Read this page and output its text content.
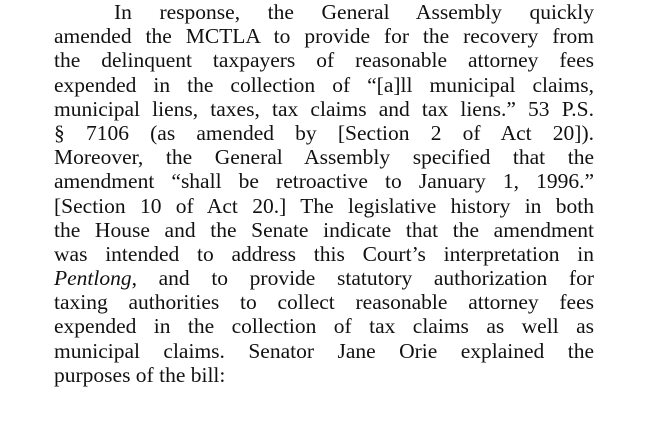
In response, the General Assembly quickly
amended the MCTLA to provide for the recovery from
the delinquent taxpayers of reasonable attorney fees
expended in the collection of “[a]ll municipal claims,
municipal liens, taxes, tax claims and tax liens.” 53 P.S.
§ 7106 (as amended by [Section 2 of Act 20]).
Moreover, the General Assembly specified that the
amendment “shall be retroactive to January 1, 1996.”
[Section 10 of Act 20.] The legislative history in both
the House and the Senate indicate that the amendment
was intended to address this Court’s interpretation in
Pentlong, and to provide statutory authorization for
taxing authorities to collect reasonable attorney fees
expended in the collection of tax claims as well as
municipal claims. Senator Jane Orie explained the
purposes of the bill:
